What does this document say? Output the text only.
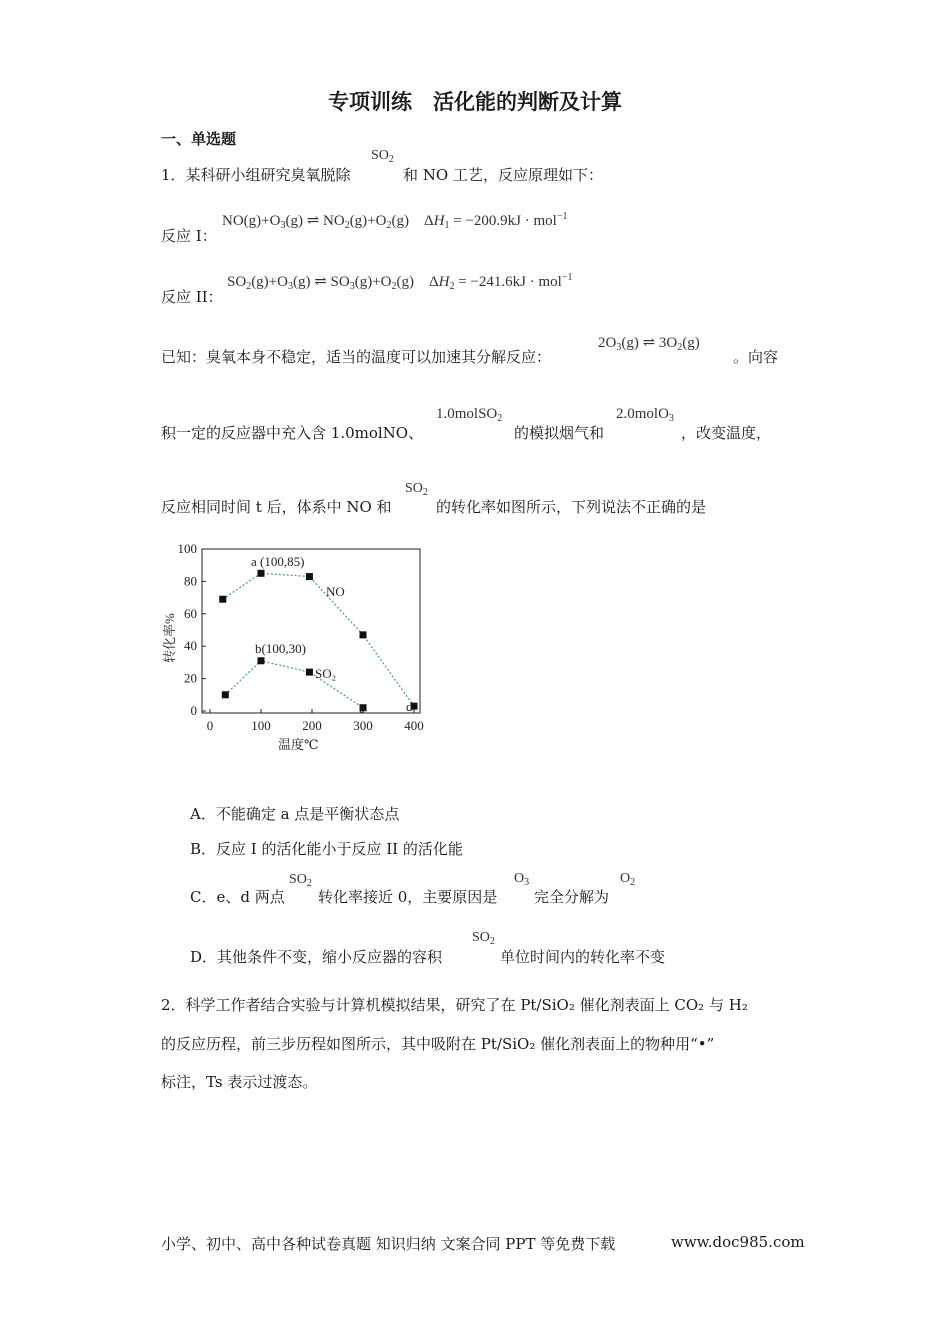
专项训练　活化能的判断及计算
一、单选题
1．某科研小组研究臭氧脱除
$SO_2$
和 NO 工艺，反应原理如下：
反应 I：
$NO(g)+O_3(g)$ ⇌ $NO_2(g)+O_2(g)$    $\Delta H_1 = -200.9kJ \cdot mol^{-1}$
反应 II：
$SO_2(g)+O_3(g)$ ⇌ $SO_3(g)+O_2(g)$    $\Delta H_2 = -241.6kJ \cdot mol^{-1}$
已知：臭氧本身不稳定，适当的温度可以加速其分解反应：
$2O_3(g)$ ⇌ $3O_2(g)$
。向容
积一定的反应器中充入含 1.0molNO、
1.0molSO$_2$
的模拟烟气和
2.0molO$_3$
，改变温度，
反应相同时间 t 后，体系中 NO 和
$SO_2$
的转化率如图所示，下列说法不正确的是
0	100 200 300 400
0
20
40
60
80
100
a (100,85)
b(100,30)
e	d
NO
SO₂
温度℃
转化率%
A．不能确定 a 点是平衡状态点
B．反应 I 的活化能小于反应 II 的活化能
C．e、d 两点
$SO_2$
转化率接近 0，主要原因是
$O_3$
完全分解为
$O_2$
D．其他条件不变，缩小反应器的容积
$SO_2$
单位时间内的转化率不变
2．科学工作者结合实验与计算机模拟结果，研究了在 Pt/SiO₂ 催化剂表面上 CO₂ 与 H₂
的反应历程，前三步历程如图所示，其中吸附在 Pt/SiO₂ 催化剂表面上的物种用“•”
标注，Ts 表示过渡态。
小学、初中、高中各种试卷真题 知识归纳 文案合同 PPT 等免费下载	www.doc985.com
